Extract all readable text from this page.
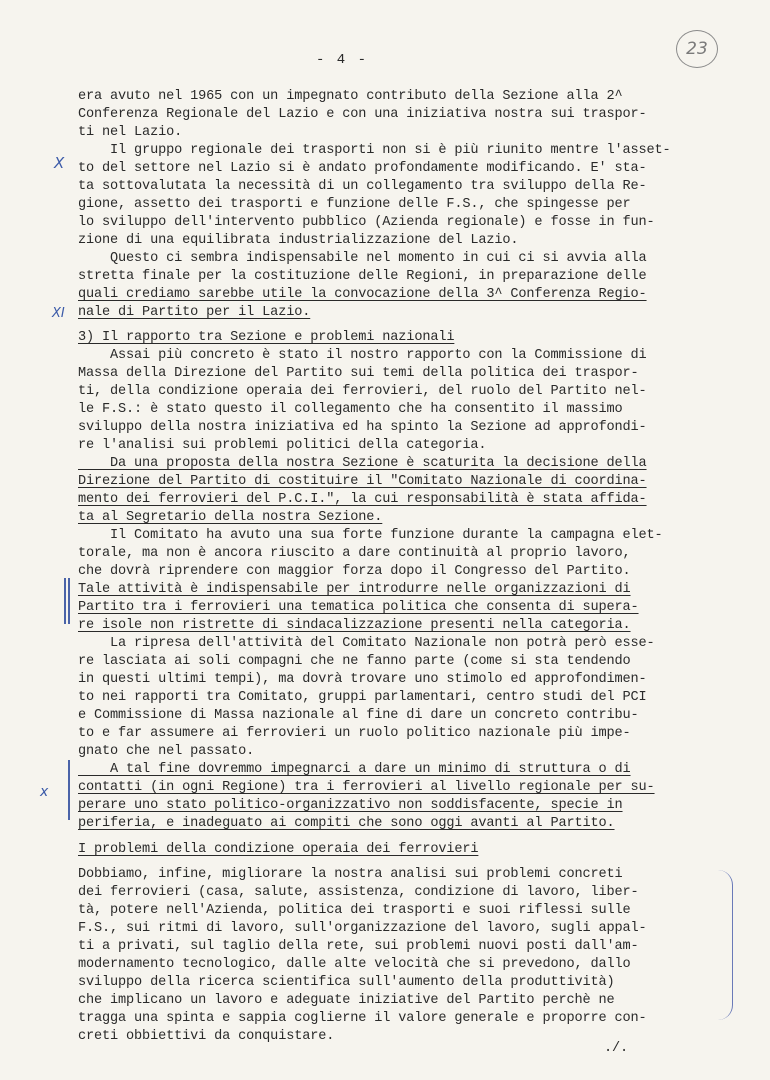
- 4 -
23
X
XI
x
era avuto nel 1965 con un impegnato contributo della Sezione alla 2^
Conferenza Regionale del Lazio e con una iniziativa nostra sui traspor-
ti nel Lazio.
Il gruppo regionale dei trasporti non si è più riunito mentre l'asset-
to del settore nel Lazio si è andato profondamente modificando. E' sta-
ta sottovalutata la necessità di un collegamento tra sviluppo della Re-
gione, assetto dei trasporti e funzione delle F.S., che spingesse per
lo sviluppo dell'intervento pubblico (Azienda regionale) e fosse in fun-
zione di una equilibrata industrializzazione del Lazio.
Questo ci sembra indispensabile nel momento in cui ci si avvia alla
stretta finale per la costituzione delle Regioni, in preparazione delle
quali crediamo sarebbe utile la convocazione della 3^ Conferenza Regio-
nale di Partito per il Lazio.
3) Il rapporto tra Sezione e problemi nazionali
Assai più concreto è stato il nostro rapporto con la Commissione di
Massa della Direzione del Partito sui temi della politica dei traspor-
ti, della condizione operaia dei ferrovieri, del ruolo del Partito nel-
le F.S.: è stato questo il collegamento che ha consentito il massimo
sviluppo della nostra iniziativa ed ha spinto la Sezione ad approfondi-
re l'analisi sui problemi politici della categoria.
Da una proposta della nostra Sezione è scaturita la decisione della
Direzione del Partito di costituire il "Comitato Nazionale di coordina-
mento dei ferrovieri del P.C.I.", la cui responsabilità è stata affida-
ta al Segretario della nostra Sezione.
Il Comitato ha avuto una sua forte funzione durante la campagna elet-
torale, ma non è ancora riuscito a dare continuità al proprio lavoro,
che dovrà riprendere con maggior forza dopo il Congresso del Partito.
Tale attività è indispensabile per introdurre nelle organizzazioni di
Partito tra i ferrovieri una tematica politica che consenta di supera-
re isole non ristrette di sindacalizzazione presenti nella categoria.
La ripresa dell'attività del Comitato Nazionale non potrà però esse-
re lasciata ai soli compagni che ne fanno parte (come si sta tendendo
in questi ultimi tempi), ma dovrà trovare uno stimolo ed approfondimen-
to nei rapporti tra Comitato, gruppi parlamentari, centro studi del PCI
e Commissione di Massa nazionale al fine di dare un concreto contribu-
to e far assumere ai ferrovieri un ruolo politico nazionale più impe-
gnato che nel passato.
A tal fine dovremmo impegnarci a dare un minimo di struttura o di
contatti (in ogni Regione) tra i ferrovieri al livello regionale per su-
perare uno stato politico-organizzativo non soddisfacente, specie in
periferia, e inadeguato ai compiti che sono oggi avanti al Partito.
I problemi della condizione operaia dei ferrovieri
Dobbiamo, infine, migliorare la nostra analisi sui problemi concreti
dei ferrovieri (casa, salute, assistenza, condizione di lavoro, liber-
tà, potere nell'Azienda, politica dei trasporti e suoi riflessi sulle
F.S., sui ritmi di lavoro, sull'organizzazione del lavoro, sugli appal-
ti a privati, sul taglio della rete, sui problemi nuovi posti dall'am-
modernamento tecnologico, dalle alte velocità che si prevedono, dallo
sviluppo della ricerca scientifica sull'aumento della produttività)
che implicano un lavoro e adeguate iniziative del Partito perchè ne
tragga una spinta e sappia coglierne il valore generale e proporre con-
creti obbiettivi da conquistare.
./.
